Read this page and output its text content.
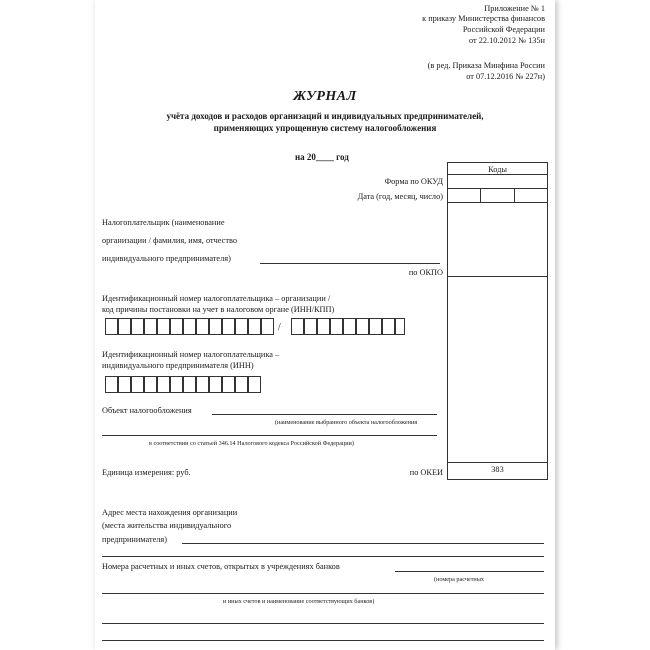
Приложение № 1
к приказу Министерства финансов
Российской Федерации
от 22.10.2012 № 135н
(в ред. Приказа Минфина России
от 07.12.2016 № 227н)
ЖУРНАЛ
учёта доходов и расходов организаций и индивидуальных предпринимателей,
применяющих упрощенную систему налогообложения
на 20____ год
Коды
383
Форма по ОКУД
Дата (год, месяц, число)
Налогоплательщик (наименование
организации / фамилия, имя, отчество
индивидуального предпринимателя)
по ОКПО
Идентификационный номер налогоплательщика – организации /
код причины постановки на учет в налоговом органе (ИНН/КПП)
/
Идентификационный номер налогоплательщика –
индивидуального предпринимателя (ИНН)
Объект налогообложения
(наименование выбранного объекта налогообложения
в соответствии со статьей 346.14 Налогового кодекса Российской Федерации)
Единица измерения: руб.	по ОКЕИ
Адрес места нахождения организации
(места жительства индивидуального
предпринимателя)
Номера расчетных и иных счетов, открытых в учреждениях банков
(номера расчетных
и иных счетов и наименование соответствующих банков)
